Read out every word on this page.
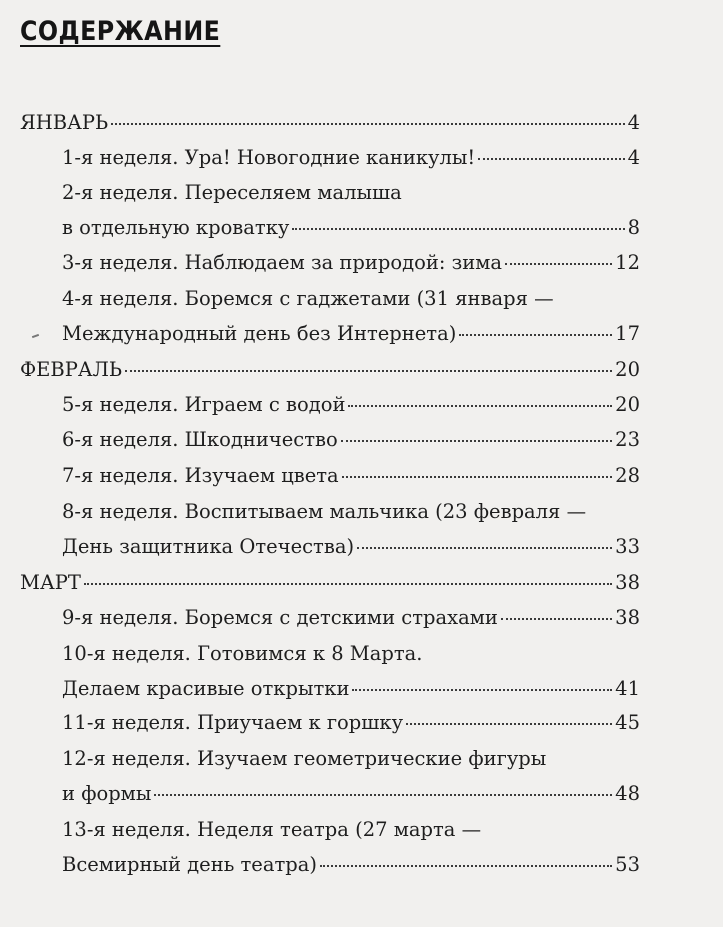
СОДЕРЖАНИЕ
ЯНВАРЬ	4
1-я неделя. Ура! Новогодние каникулы!	4
2-я неделя. Переселяем малыша
в отдельную кроватку	8
3-я неделя. Наблюдаем за природой: зима	12
4-я неделя. Боремся с гаджетами (31 января —
Международный день без Интернета)	17
ФЕВРАЛЬ	20
5-я неделя. Играем с водой	20
6-я неделя. Шкодничество	23
7-я неделя. Изучаем цвета	28
8-я неделя. Воспитываем мальчика (23 февраля —
День защитника Отечества)	33
МАРТ	38
9-я неделя. Боремся с детскими страхами	38
10-я неделя. Готовимся к 8 Марта.
Делаем красивые открытки	41
11-я неделя. Приучаем к горшку	45
12-я неделя. Изучаем геометрические фигуры
и формы	48
13-я неделя. Неделя театра (27 марта —
Всемирный день театра)	53
